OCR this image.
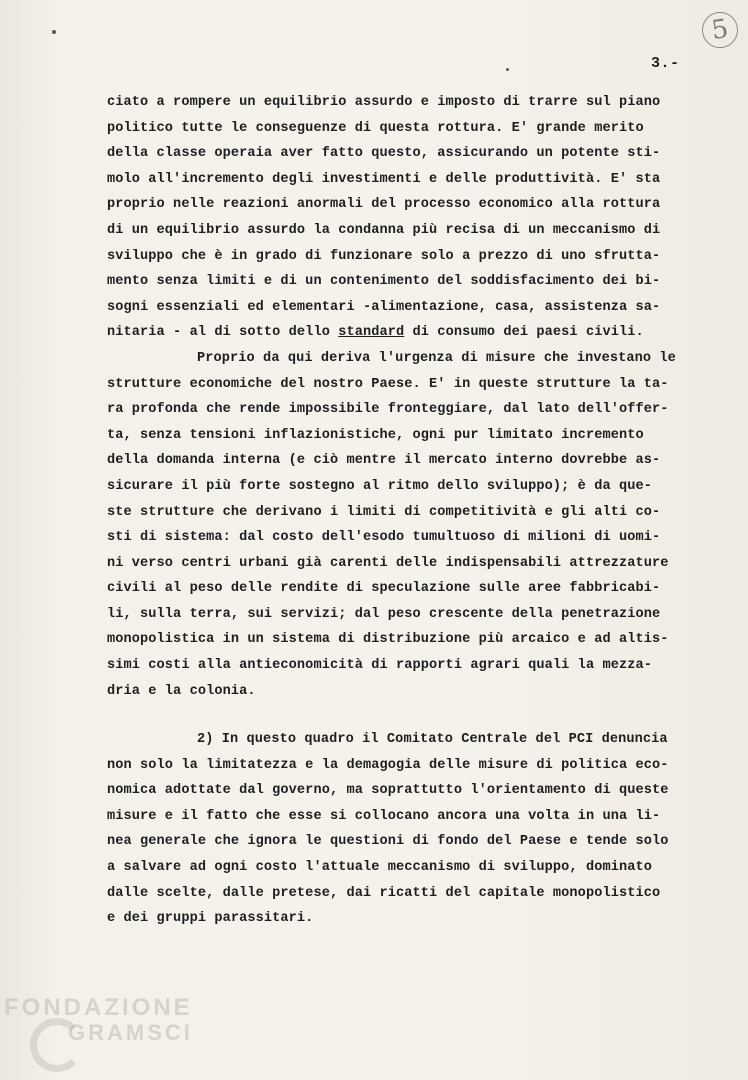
5
3.-
ciato a rompere un equilibrio assurdo e imposto di trarre sul piano
politico tutte le conseguenze di questa rottura. E' grande merito
della classe operaia aver fatto questo, assicurando un potente sti-
molo all'incremento degli investimenti e delle produttività. E' sta
proprio nelle reazioni anormali del processo economico alla rottura
di un equilibrio assurdo la condanna più recisa di un meccanismo di
sviluppo che è in grado di funzionare solo a prezzo di uno sfrutta-
mento senza limiti e di un contenimento del soddisfacimento dei bi-
sogni essenziali ed elementari -alimentazione, casa, assistenza sa-
nitaria - al di sotto dello standard di consumo dei paesi civili.
Proprio da qui deriva l'urgenza di misure che investano le
strutture economiche del nostro Paese. E' in queste strutture la ta-
ra profonda che rende impossibile fronteggiare, dal lato dell'offer-
ta, senza tensioni inflazionistiche, ogni pur limitato incremento
della domanda interna (e ciò mentre il mercato interno dovrebbe as-
sicurare il più forte sostegno al ritmo dello sviluppo); è da que-
ste strutture che derivano i limiti di competitività e gli alti co-
sti di sistema: dal costo dell'esodo tumultuoso di milioni di uomi-
ni verso centri urbani già carenti delle indispensabili attrezzature
civili al peso delle rendite di speculazione sulle aree fabbricabi-
li, sulla terra, sui servizi; dal peso crescente della penetrazione
monopolistica in un sistema di distribuzione più arcaico e ad altis-
simi costi alla antieconomicità di rapporti agrari quali la mezza-
dria e la colonia.
2) In questo quadro il Comitato Centrale del PCI denuncia
non solo la limitatezza e la demagogia delle misure di politica eco-
nomica adottate dal governo, ma soprattutto l'orientamento di queste
misure e il fatto che esse si collocano ancora una volta in una li-
nea generale che ignora le questioni di fondo del Paese e tende solo
a salvare ad ogni costo l'attuale meccanismo di sviluppo, dominato
dalle scelte, dalle pretese, dai ricatti del capitale monopolistico
e dei gruppi parassitari.
FONDAZIONE
GRAMSCI
